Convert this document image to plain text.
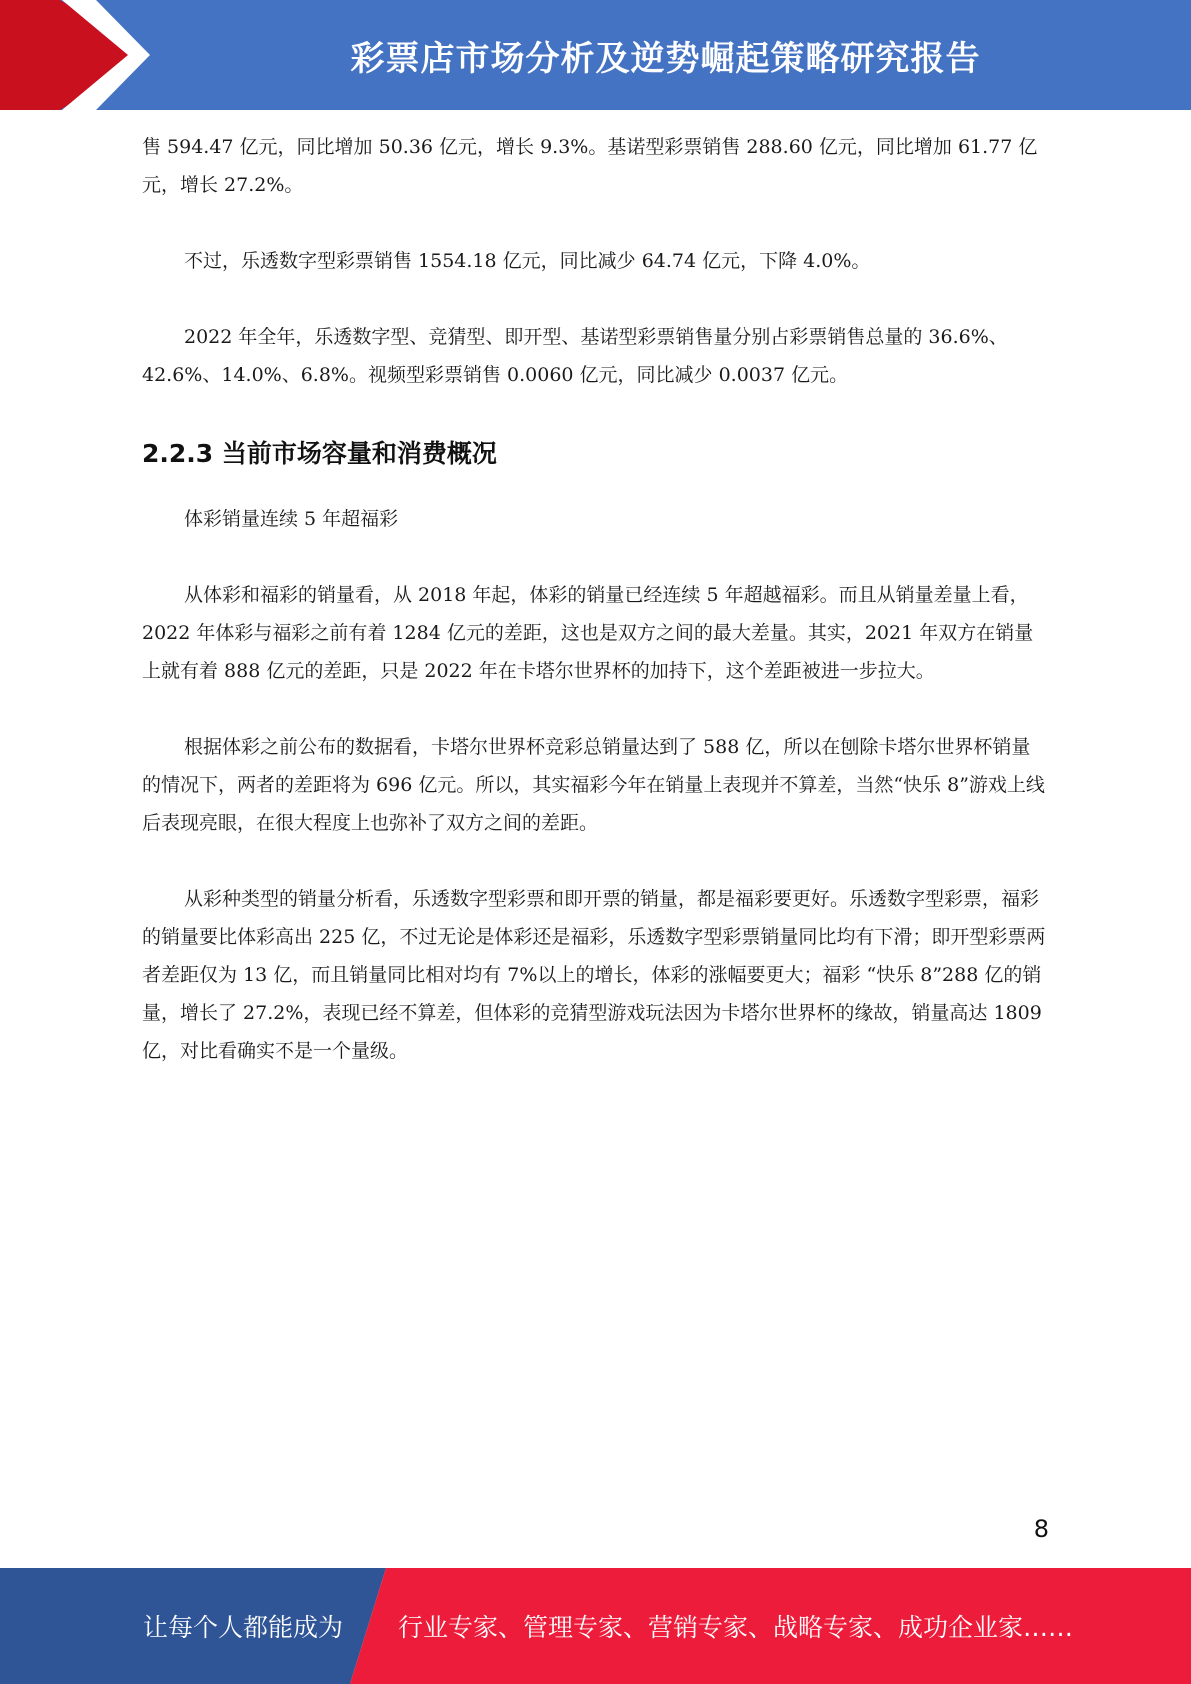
彩票店市场分析及逆势崛起策略研究报告

售 594.47 亿元，同比增加 50.36 亿元，增长 9.3%。基诺型彩票销售 288.60 亿元，同比增加 61.77 亿元，增长 27.2%。

不过，乐透数字型彩票销售 1554.18 亿元，同比减少 64.74 亿元，下降 4.0%。

2022 年全年，乐透数字型、竞猜型、即开型、基诺型彩票销售量分别占彩票销售总量的 36.6%、42.6%、14.0%、6.8%。视频型彩票销售 0.0060 亿元，同比减少 0.0037 亿元。

2.2.3 当前市场容量和消费概况

体彩销量连续 5 年超福彩

从体彩和福彩的销量看，从 2018 年起，体彩的销量已经连续 5 年超越福彩。而且从销量差量上看，2022 年体彩与福彩之前有着 1284 亿元的差距，这也是双方之间的最大差量。其实，2021 年双方在销量上就有着 888 亿元的差距，只是 2022 年在卡塔尔世界杯的加持下，这个差距被进一步拉大。

根据体彩之前公布的数据看，卡塔尔世界杯竞彩总销量达到了 588 亿，所以在刨除卡塔尔世界杯销量的情况下，两者的差距将为 696 亿元。所以，其实福彩今年在销量上表现并不算差，当然“快乐 8”游戏上线后表现亮眼，在很大程度上也弥补了双方之间的差距。

从彩种类型的销量分析看，乐透数字型彩票和即开票的销量，都是福彩要更好。乐透数字型彩票，福彩的销量要比体彩高出 225 亿，不过无论是体彩还是福彩，乐透数字型彩票销量同比均有下滑；即开型彩票两者差距仅为 13 亿，而且销量同比相对均有 7%以上的增长，体彩的涨幅要更大；福彩 “快乐 8”288 亿的销量，增长了 27.2%，表现已经不算差，但体彩的竞猜型游戏玩法因为卡塔尔世界杯的缘故，销量高达 1809 亿，对比看确实不是一个量级。

8
让每个人都能成为 行业专家、管理专家、营销专家、战略专家、成功企业家……
